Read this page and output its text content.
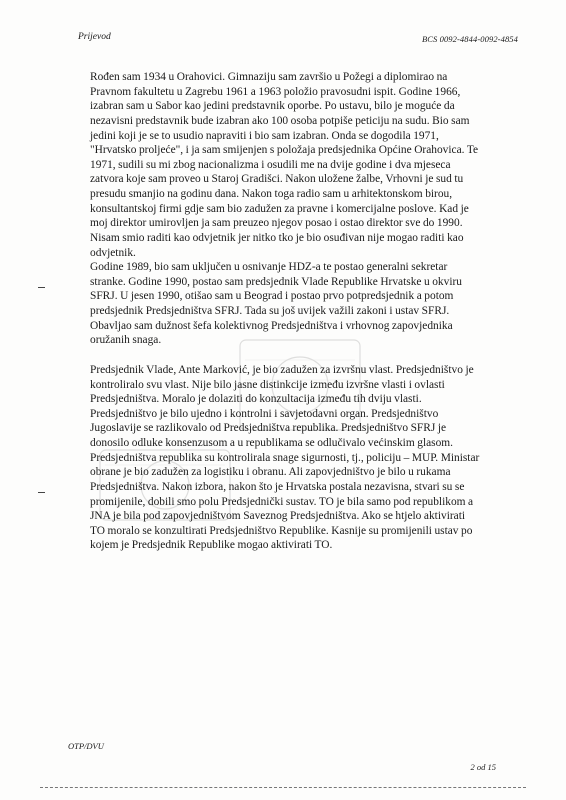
Prijevod	BCS 0092-4844-0092-4854

Rođen sam 1934 u Orahovici. Gimnaziju sam završio u Požegi a diplomirao na
Pravnom fakultetu u Zagrebu 1961 a 1963 položio pravosudni ispit. Godine 1966,
izabran sam u Sabor kao jedini predstavnik oporbe. Po ustavu, bilo je moguće da
nezavisni predstavnik bude izabran ako 100 osoba potpiše peticiju na sudu. Bio sam
jedini koji je se to usudio napraviti i bio sam izabran. Onda se dogodila 1971,
"Hrvatsko proljeće", i ja sam smijenjen s položaja predsjednika Općine Orahovica. Te
1971, sudili su mi zbog nacionalizma i osudili me na dvije godine i dva mjeseca
zatvora koje sam proveo u Staroj Gradišci. Nakon uložene žalbe, Vrhovni je sud tu
presudu smanjio na godinu dana. Nakon toga radio sam u arhitektonskom birou,
konsultantskoj firmi gdje sam bio zadužen za pravne i komercijalne poslove. Kad je
moj direktor umirovljen ja sam preuzeo njegov posao i ostao direktor sve do 1990.
Nisam smio raditi kao odvjetnik jer nitko tko je bio osuđivan nije mogao raditi kao
odvjetnik.

Godine 1989, bio sam uključen u osnivanje HDZ-a te postao generalni sekretar
stranke. Godine 1990, postao sam predsjednik Vlade Republike Hrvatske u okviru
SFRJ. U jesen 1990, otišao sam u Beograd i postao prvo potpredsjednik a potom
predsjednik Predsjedništva SFRJ. Tada su još uvijek važili zakoni i ustav SFRJ.
Obavljao sam dužnost šefa kolektivnog Predsjedništva i vrhovnog zapovjednika
oružanih snaga.

Predsjednik Vlade, Ante Marković, je bio zadužen za izvršnu vlast. Predsjedništvo je
kontroliralo svu vlast. Nije bilo jasne distinkcije između izvršne vlasti i ovlasti
Predsjedništva. Moralo je dolaziti do konzultacija između tih dviju vlasti.
Predsjedništvo je bilo ujedno i kontrolni i savjetodavni organ. Predsjedništvo
Jugoslavije se razlikovalo od Predsjedništva republika. Predsjedništvo SFRJ je
donosilo odluke konsenzusom a u republikama se odlučivalo većinskim glasom.
Predsjedništva republika su kontrolirala snage sigurnosti, tj., policiju – MUP. Ministar
obrane je bio zadužen za logistiku i obranu. Ali zapovjedništvo je bilo u rukama
Predsjedništva. Nakon izbora, nakon što je Hrvatska postala nezavisna, stvari su se
promijenile, dobili smo polu Predsjednički sustav. TO je bila samo pod republikom a
JNA je bila pod zapovjedništvom Saveznog Predsjedništva. Ako se htjelo aktivirati
TO moralo se konzultirati Predsjedništvo Republike. Kasnije su promijenili ustav po
kojem je Predsjednik Republike mogao aktivirati TO.

OTP/DVU
2 od 15
